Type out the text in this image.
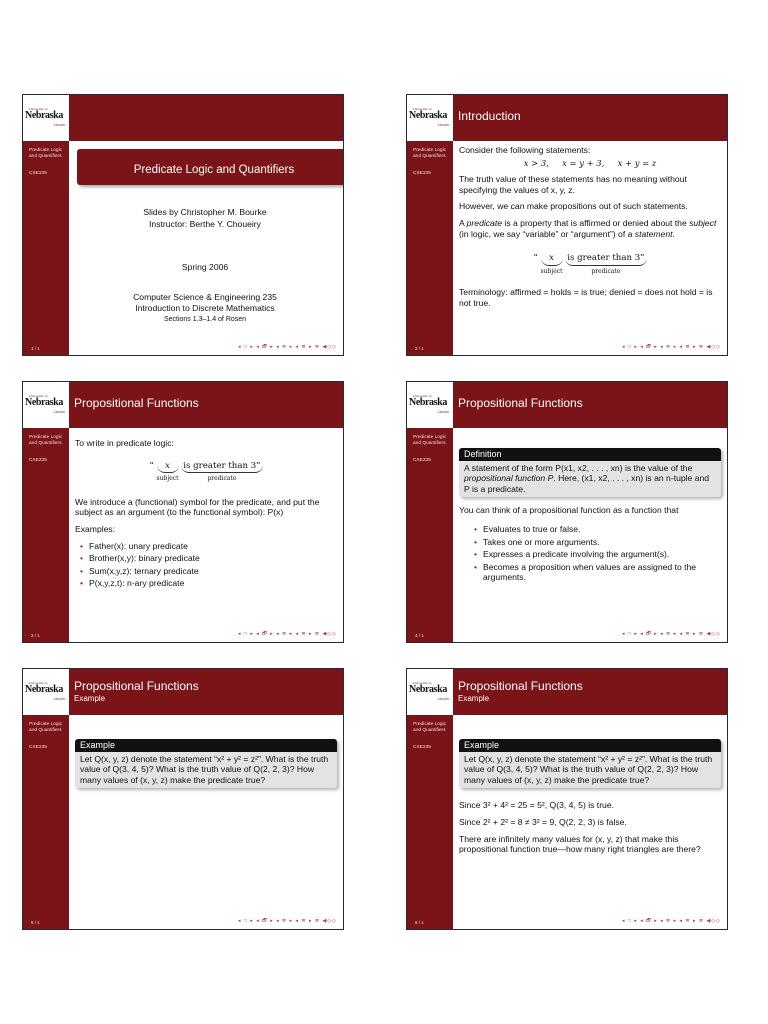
University of
Nebraska
Lincoln
Predicate Logic and Quantifiers
CSE235
1 / 1
$_{Predicate Logic and Quantifiers}$
Slides by Christopher M. Bourke
Instructor: Berthe Y. Choueiry
Spring 2006
Computer Science & Engineering 235
Introduction to Discrete Mathematics
Sections 1.3–1.4 of Rosen
◂ □ ▸ ◂ 🗗 ▸ ◂ ≣ ▸ ◂ ≣ ▸ ≣ ◀◇◇
University of
Nebraska
Lincoln
Introduction
Predicate Logic and Quantifiers
CSE235
2 / 1

Consider the following statements:

x > 3, x = y + 3, x + y = z

The truth value of these statements has no meaning without specifying the values of x, y, z.

However, we can make propositions out of such statements.

A predicate is a property that is affirmed or denied about the subject (in logic, we say “variable” or “argument”) of a statement.

“	x
subject

is greater than 3”
predicate

Terminology: affirmed = holds = is true; denied = does not hold = is not true.

◂ □ ▸ ◂ 🗗 ▸ ◂ ≣ ▸ ◂ ≣ ▸ ≣ ◀◇◇
University of
Nebraska
Lincoln
Propositional Functions
Predicate Logic and Quantifiers
CSE235
3 / 1

To write in predicate logic:

“	x
subject

is greater than 3”
predicate

We introduce a (functional) symbol for the predicate, and put the subject as an argument (to the functional symbol): P(x)

Examples:

• Father(x): unary predicate
• Brother(x,y): binary predicate
• Sum(x,y,z): ternary predicate
• P(x,y,z,t): n-ary predicate
◂ □ ▸ ◂ 🗗 ▸ ◂ ≣ ▸ ◂ ≣ ▸ ≣ ◀◇◇
University of
Nebraska
Lincoln
Propositional Functions
Predicate Logic and Quantifiers
CSE235
4 / 1
Definition
A statement of the form P(x1, x2, . . . , xn) is the value of the propositional function P. Here, (x1, x2, . . . , xn) is an n-tuple and P is a predicate.

You can think of a propositional function as a function that

• Evaluates to true or false.
• Takes one or more arguments.
• Expresses a predicate involving the argument(s).
• Becomes a proposition when values are assigned to the arguments.
◂ □ ▸ ◂ 🗗 ▸ ◂ ≣ ▸ ◂ ≣ ▸ ≣ ◀◇◇
University of
Nebraska
Lincoln
Propositional Functions
Example
Predicate Logic and Quantifiers
CSE235
5 / 1
Example
Let Q(x, y, z) denote the statement “x² + y² = z²”. What is the truth value of Q(3, 4, 5)? What is the truth value of Q(2, 2, 3)? How many values of (x, y, z) make the predicate true?
◂ □ ▸ ◂ 🗗 ▸ ◂ ≣ ▸ ◂ ≣ ▸ ≣ ◀◇◇
University of
Nebraska
Lincoln
Propositional Functions
Example
Predicate Logic and Quantifiers
CSE235
6 / 1
Example
Let Q(x, y, z) denote the statement “x² + y² = z²”. What is the truth value of Q(3, 4, 5)? What is the truth value of Q(2, 2, 3)? How many values of (x, y, z) make the predicate true?

Since 3² + 4² = 25 = 5², Q(3, 4, 5) is true.

Since 2² + 2² = 8 ≠ 3² = 9, Q(2, 2, 3) is false.

There are infinitely many values for (x, y, z) that make this propositional function true—how many right triangles are there?

◂ □ ▸ ◂ 🗗 ▸ ◂ ≣ ▸ ◂ ≣ ▸ ≣ ◀◇◇
